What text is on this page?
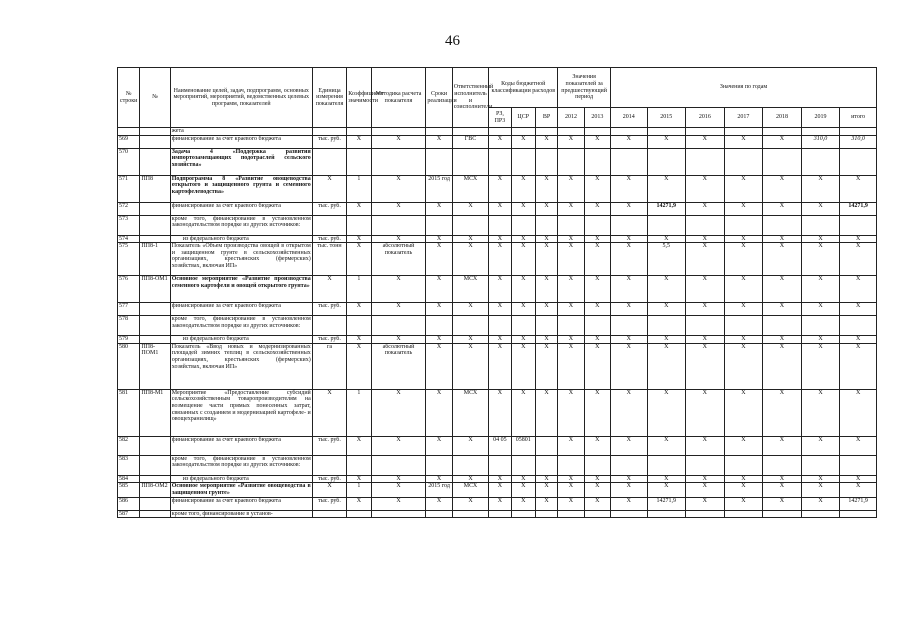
46
№ строки	№	Наименование целей, задач, подпрограмм, основных мероприятий, мероприятий, ведомственных целевых программ, показателей	Единица измерения показателя	Коэффициент значимости	Методика расчета показателя	Сроки реализации	Ответственный исполнитель и соисполнители	Коды бюджетной классификации расходов			Значения показателей за предшествующий период		Значения по годам						
								РЗ, ПР3	ЦСР	ВР	2012	2013	2014	2015	2016	2017	2018	2019	итого
		жета																	
569		финансирование за счет краевого бюджета	тыс. руб.	X	X	X	ГВС	X	X	X	X	X	X	X	X	X	X	310,0	310,0
570		Задача 4 «Поддержка развития импортозамещающих подотраслей сельского хозяйства»																	
571	ПП8	Подпрограмма 8 «Развитие овощеводства открытого и защищенного грунта и семенного картофелеводства»	X	1	X	2015 год	МСХ	X	X	X	X	X	X	X	X	X	X	X	X
572		финансирование за счет краевого бюджета	тыс. руб.	X	X	X	X	X	X	X	X	X	X	14271,9	X	X	X	X	14271,9
573		кроме того, финансирование в установленном законодательством порядке из других источников:																	
574		из федерального бюджета	тыс. руб.	X	X	X	X	X	X	X	X	X	X	X	X	X	X	X	X
575	ПП8-1	Показатель «Объем производства овощей в открытом и защищенном грунте в сельскохозяйственных организациях, крестьянских (фермерских) хозяйствах, включая ИП»	тыс. тонн	X	абсолютный показатель	X	X	X	X	X	X	X	X	5,5	X	X	X	X	X
576	ПП8-ОМ1	Основное мероприятие «Развитие производства семенного картофеля и овощей открытого грунта»	X	1	X	X	МСХ	X	X	X	X	X	X	X	X	X	X	X	X
577		финансирование за счет краевого бюджета	тыс. руб.	X	X	X	X	X	X	X	X	X	X	X	X	X	X	X	X
578		кроме того, финансирование в установленном законодательством порядке из других источников:																	
579		из федерального бюджета	тыс. руб.	X	X	X	X	X	X	X	X	X	X	X	X	X	X	X	X
580	ПП8-ПОМ1	Показатель «Ввод новых и модернизированных площадей зимних теплиц в сельскохозяйственных организациях, крестьянских (фермерских) хозяйствах, включая ИП»	га	X	абсолютный показатель	X	X	X	X	X	X	X	X	X	X	X	X	X	X
581	ПП8-М1	Мероприятие «Предоставление субсидий сельскохозяйственным товаропроизводителям на возмещение части прямых понесенных затрат, связанных с созданием и модернизацией картофеле- и овощехранилищ»	X	1	X	X	МСХ	X	X	X	X	X	X	X	X	X	X	X	X
582		финансирование за счет краевого бюджета	тыс. руб.	X	X	X	X	04 05	05801		X	X	X	X	X	X	X	X	X
583		кроме того, финансирование в установленном законодательством порядке из других источников:																	
584		из федерального бюджета	тыс. руб.	X	X	X	X	X	X	X	X	X	X	X	X	X	X	X	X
585	ПП8-ОМ2	Основное мероприятие «Развитие овощеводства в защищенном грунте»	X	1	X	2015 год	МСХ	X	X	X	X	X	X	X	X	X	X	X	X
586		финансирование за счет краевого бюджета	тыс. руб.	X	X	X	X	X	X	X	X	X	X	14271,9	X	X	X	X	14271,9
587		кроме того, финансирование в установ-																	
